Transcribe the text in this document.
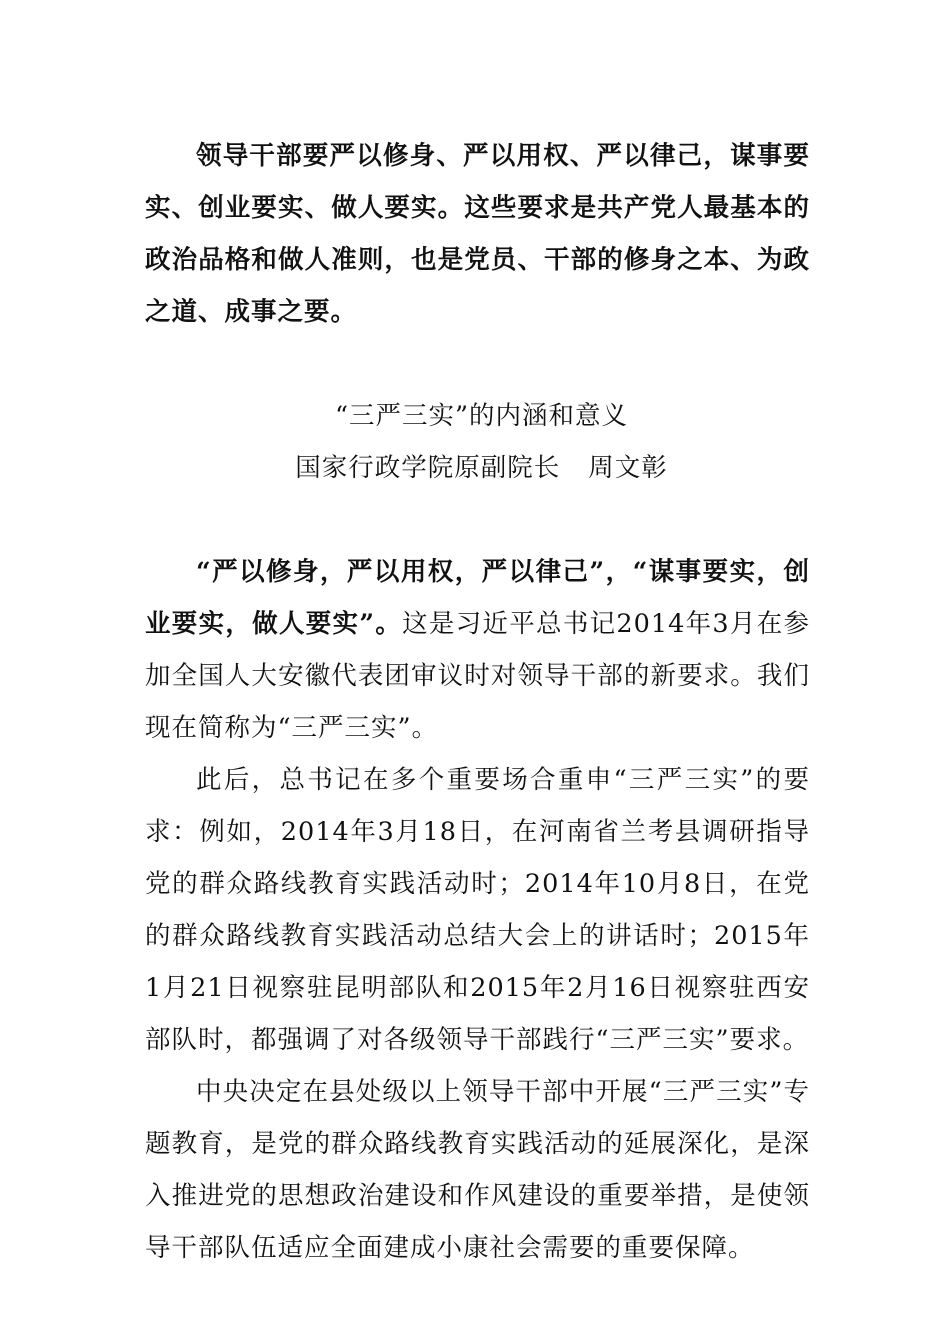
领导干部要严以修身、严以用权、严以律己，谋事要实、创业要实、做人要实。这些要求是共产党人最基本的政治品格和做人准则，也是党员、干部的修身之本、为政之道、成事之要。

“三严三实”的内涵和意义

国家行政学院原副院长 周文彰

“严以修身，严以用权，严以律己”，“谋事要实，创业要实，做人要实”。这是习近平总书记2014年3月在参加全国人大安徽代表团审议时对领导干部的新要求。我们现在简称为“三严三实”。

此后，总书记在多个重要场合重申“三严三实”的要求：例如，2014年3月18日，在河南省兰考县调研指导党的群众路线教育实践活动时；2014年10月8日，在党的群众路线教育实践活动总结大会上的讲话时；2015年1月21日视察驻昆明部队和2015年2月16日视察驻西安部队时，都强调了对各级领导干部践行“三严三实”要求。

中央决定在县处级以上领导干部中开展“三严三实”专题教育，是党的群众路线教育实践活动的延展深化，是深入推进党的思想政治建设和作风建设的重要举措，是使领导干部队伍适应全面建成小康社会需要的重要保障。
